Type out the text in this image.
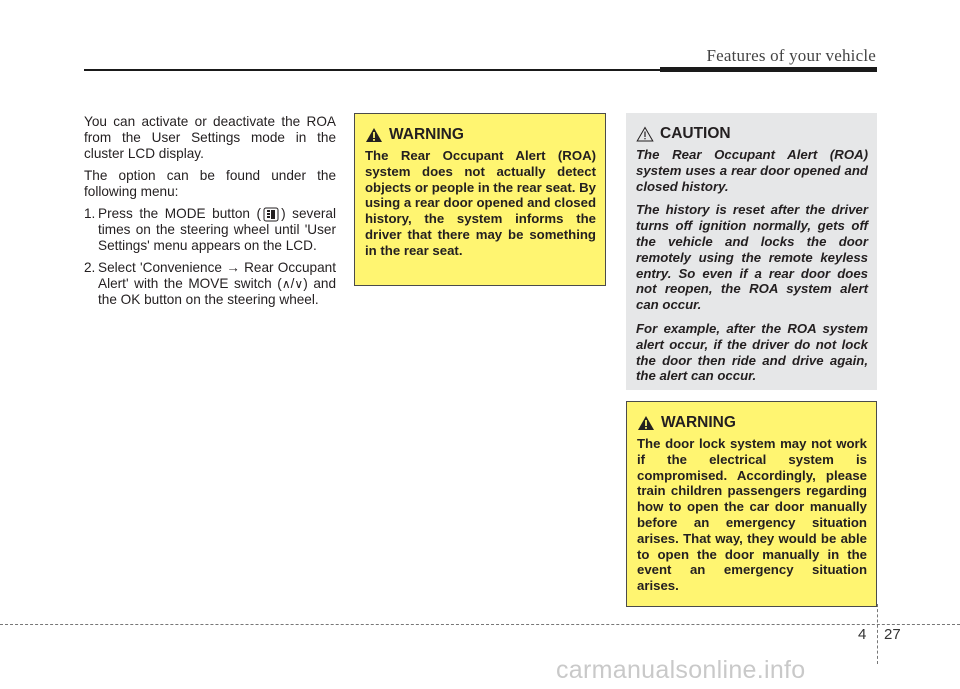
Features of your vehicle

You can activate or deactivate the ROA from the User Settings mode in the cluster LCD display.

The option can be found under the following menu:

1. Press the MODE button ( ) several times on the steering wheel until 'User Settings' menu appears on the LCD.
2. Select 'Convenience → Rear Occupant Alert' with the MOVE switch (∧/∨) and the OK button on the steering wheel.
WARNING

The Rear Occupant Alert (ROA) system does not actually detect objects or people in the rear seat. By using a rear door opened and closed history, the system informs the driver that there may be something in the rear seat.

CAUTION

The Rear Occupant Alert (ROA) system uses a rear door opened and closed history.

The history is reset after the driver turns off ignition normally, gets off the vehicle and locks the door remotely using the remote keyless entry. So even if a rear door does not reopen, the ROA system alert can occur.

For example, after the ROA system alert occur, if the driver do not lock the door then ride and drive again, the alert can occur.

WARNING

The door lock system may not work if the electrical system is compromised. Accordingly, please train children passengers regarding how to open the car door manually before an emergency situation arises. That way, they would be able to open the door manually in the event an emergency situation arises.

4 27
carmanualsonline.info
